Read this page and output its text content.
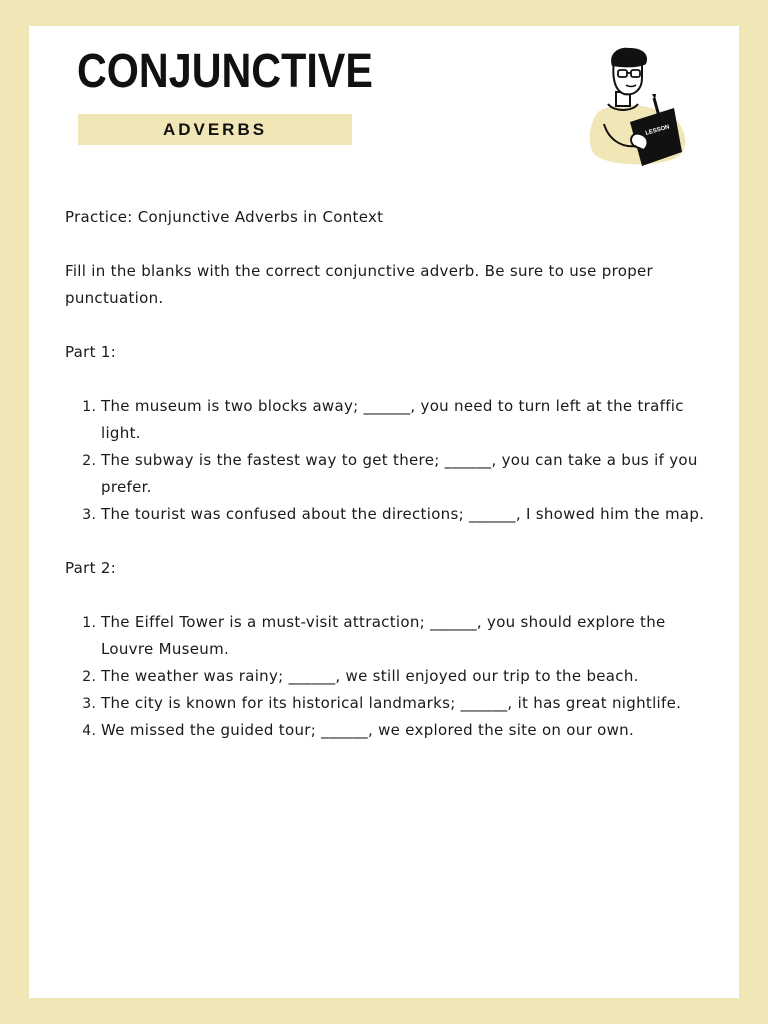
CONJUNCTIVE
ADVERBS	LESSON

Practice: Conjunctive Adverbs in Context

Fill in the blanks with the correct conjunctive adverb. Be sure to use proper punctuation.

Part 1:

1. The museum is two blocks away; ______, you need to turn left at the traffic light.
2. The subway is the fastest way to get there; ______, you can take a bus if you prefer.
3. The tourist was confused about the directions; ______, I showed him the map.

Part 2:

1. The Eiffel Tower is a must-visit attraction; ______, you should explore the Louvre Museum.
2. The weather was rainy; ______, we still enjoyed our trip to the beach.
3. The city is known for its historical landmarks; ______, it has great nightlife.
4. We missed the guided tour; ______, we explored the site on our own.
